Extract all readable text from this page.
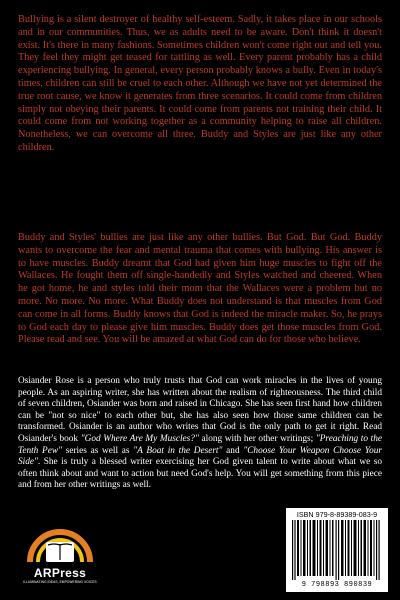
Bullying is a silent destroyer of healthy self-esteem. Sadly, it takes place in our schools and in our communities. Thus, we as adults need to be aware. Don't think it doesn't exist. It's there in many fashions. Sometimes children won't come right out and tell you. They feel they might get teased for tattling as well. Every parent probably has a child experiencing bullying. In general, every person probably knows a bully. Even in today's times, children can still be cruel to each other. Although we have not yet determined the true root cause, we know it generates from three scenarios. It could come from children simply not obeying their parents. It could come from parents not training their child. It could come from not working together as a community helping to raise all children. Nonetheless, we can overcome all three. Buddy and Styles are just like any other children.

Buddy and Styles' bullies are just like any other bullies. But God. But God. Buddy wants to overcome the fear and mental trauma that comes with bullying. His answer is to have muscles. Buddy dreamt that God had given him huge muscles to fight off the Wallaces. He fought them off single-handedly and Styles watched and cheered. When he got home, he and styles told their mom that the Wallaces were a problem but no more. No more. No more. What Buddy does not understand is that muscles from God can come in all forms. Buddy knows that God is indeed the miracle maker. So, he prays to God each day to please give him muscles. Buddy does get those muscles from God. Please read and see. You will be amazed at what God can do for those who believe.

Osiander Rose is a person who truly trusts that God can work miracles in the lives of young people. As an aspiring writer, she has written about the realism of righteousness. The third child of seven children, Osiander was born and raised in Chicago. She has seen first hand how children can be "not so nice" to each other but, she has also seen how those same children can be transformed. Osiander is an author who writes that God is the only path to get it right. Read Osiander's book "God Where Are My Muscles?" along with her other writings; "Preaching to the Tenth Pew" series as well as "A Boat in the Desert" and "Choose Your Weapon Choose Your Side". She is truly a blessed writer exercising her God given talent to write about what we so often think about and want to action but need God's help. You will get something from this piece and from her other writings as well.

ARPress
ILLUMINATING IDEAS, EMPOWERING VOICES
ISBN 979-8-89389-083-9
9 798893 890839
